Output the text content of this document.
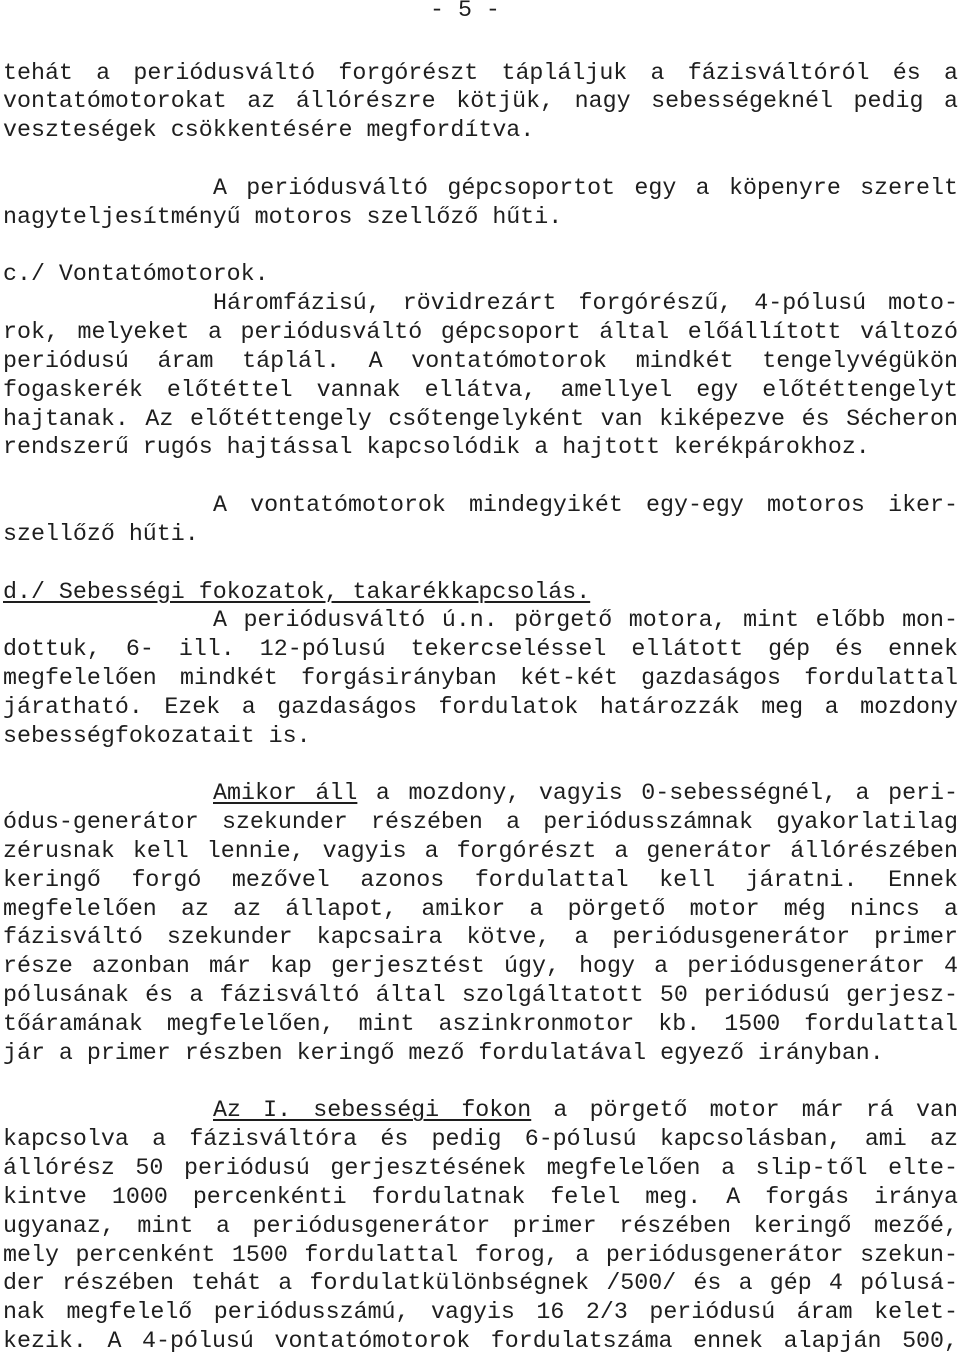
- 5 -
tehát a periódusváltó forgórészt tápláljuk a fázisváltóról és a
vontatómotorokat az állórészre kötjük, nagy sebességeknél pedig a
veszteségek csökkentésére megfordítva.
A periódusváltó gépcsoportot egy a köpenyre szerelt
nagyteljesítményű motoros szellőző hűti.
c./ Vontatómotorok.
Háromfázisú, rövidrezárt forgórészű, 4-pólusú moto-
rok, melyeket a periódusváltó gépcsoport által előállított változó
periódusú áram táplál. A vontatómotorok mindkét tengelyvégükön
fogaskerék előtéttel vannak ellátva, amellyel egy előtéttengelyt
hajtanak. Az előtéttengely csőtengelyként van kiképezve és Sécheron
rendszerű rugós hajtással kapcsolódik a hajtott kerékpárokhoz.
A vontatómotorok mindegyikét egy-egy motoros iker-
szellőző hűti.
d./ Sebességi fokozatok, takarékkapcsolás.
A periódusváltó ú.n. pörgető motora, mint előbb mon-
dottuk, 6- ill. 12-pólusú tekercseléssel ellátott gép és ennek
megfelelően mindkét forgásirányban két-két gazdaságos fordulattal
járatható. Ezek a gazdaságos fordulatok határozzák meg a mozdony
sebességfokozatait is.
Amikor áll a mozdony, vagyis 0-sebességnél, a peri-
ódus-generátor szekunder részében a periódusszámnak gyakorlatilag
zérusnak kell lennie, vagyis a forgórészt a generátor állórészében
keringő forgó mezővel azonos fordulattal kell járatni. Ennek
megfelelően az az állapot, amikor a pörgető motor még nincs a
fázisváltó szekunder kapcsaira kötve, a periódusgenerátor primer
része azonban már kap gerjesztést úgy, hogy a periódusgenerátor 4
pólusának és a fázisváltó által szolgáltatott 50 periódusú gerjesz-
tőáramának megfelelően, mint aszinkronmotor kb. 1500 fordulattal
jár a primer részben keringő mező fordulatával egyező irányban.
Az I. sebességi fokon a pörgető motor már rá van
kapcsolva a fázisváltóra és pedig 6-pólusú kapcsolásban, ami az
állórész 50 periódusú gerjesztésének megfelelően a slip-től elte-
kintve 1000 percenkénti fordulatnak felel meg. A forgás iránya
ugyanaz, mint a periódusgenerátor primer részében keringő mezőé,
mely percenként 1500 fordulattal forog, a periódusgenerátor szekun-
der részében tehát a fordulatkülönbségnek /500/ és a gép 4 pólusá-
nak megfelelő periódusszámú, vagyis 16 2/3 periódusú áram kelet-
kezik. A 4-pólusú vontatómotorok fordulatszáma ennek alapján 500,
